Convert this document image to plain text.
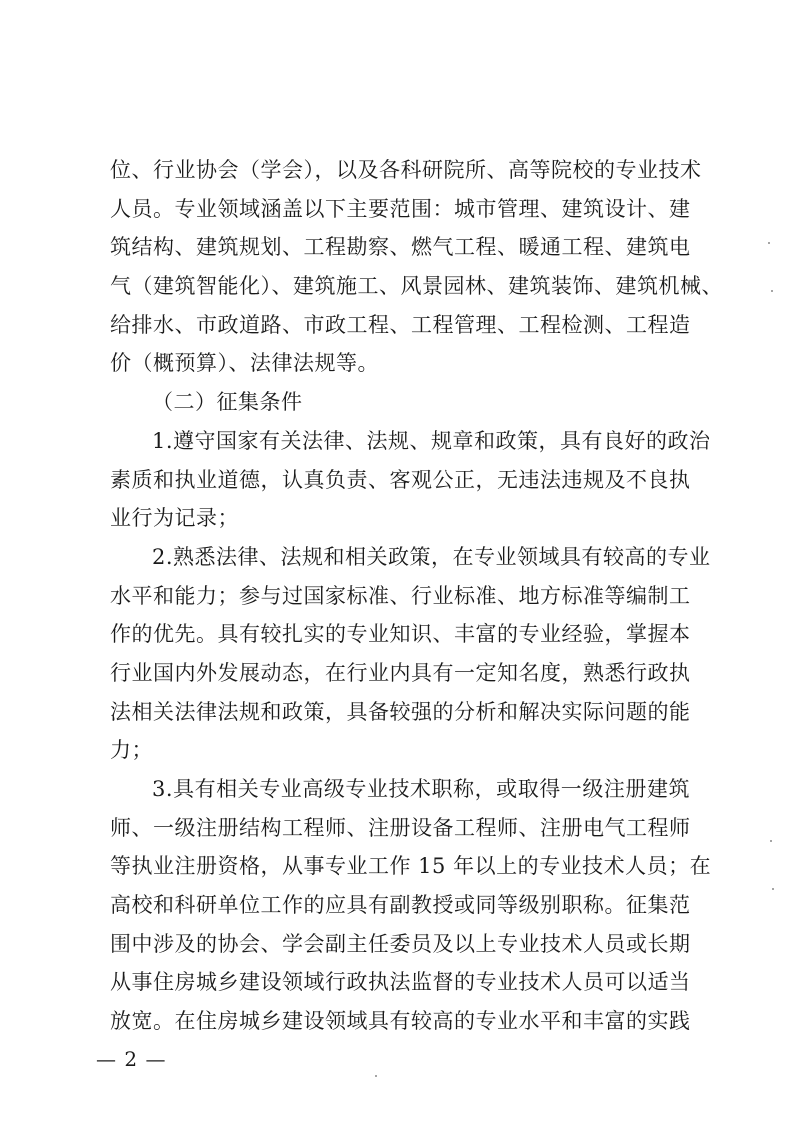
位、行业协会（学会），以及各科研院所、高等院校的专业技术
人员。专业领域涵盖以下主要范围：城市管理、建筑设计、建
筑结构、建筑规划、工程勘察、燃气工程、暖通工程、建筑电
气（建筑智能化）、建筑施工、风景园林、建筑装饰、建筑机械、
给排水、市政道路、市政工程、工程管理、工程检测、工程造
价（概预算）、法律法规等。
（二）征集条件
1.遵守国家有关法律、法规、规章和政策，具有良好的政治
素质和执业道德，认真负责、客观公正，无违法违规及不良执
业行为记录；
2.熟悉法律、法规和相关政策，在专业领域具有较高的专业
水平和能力；参与过国家标准、行业标准、地方标准等编制工
作的优先。具有较扎实的专业知识、丰富的专业经验，掌握本
行业国内外发展动态，在行业内具有一定知名度，熟悉行政执
法相关法律法规和政策，具备较强的分析和解决实际问题的能
力；
3.具有相关专业高级专业技术职称，或取得一级注册建筑
师、一级注册结构工程师、注册设备工程师、注册电气工程师
等执业注册资格，从事专业工作 15 年以上的专业技术人员；在
高校和科研单位工作的应具有副教授或同等级别职称。征集范
围中涉及的协会、学会副主任委员及以上专业技术人员或长期
从事住房城乡建设领域行政执法监督的专业技术人员可以适当
放宽。在住房城乡建设领域具有较高的专业水平和丰富的实践
— 2 —
